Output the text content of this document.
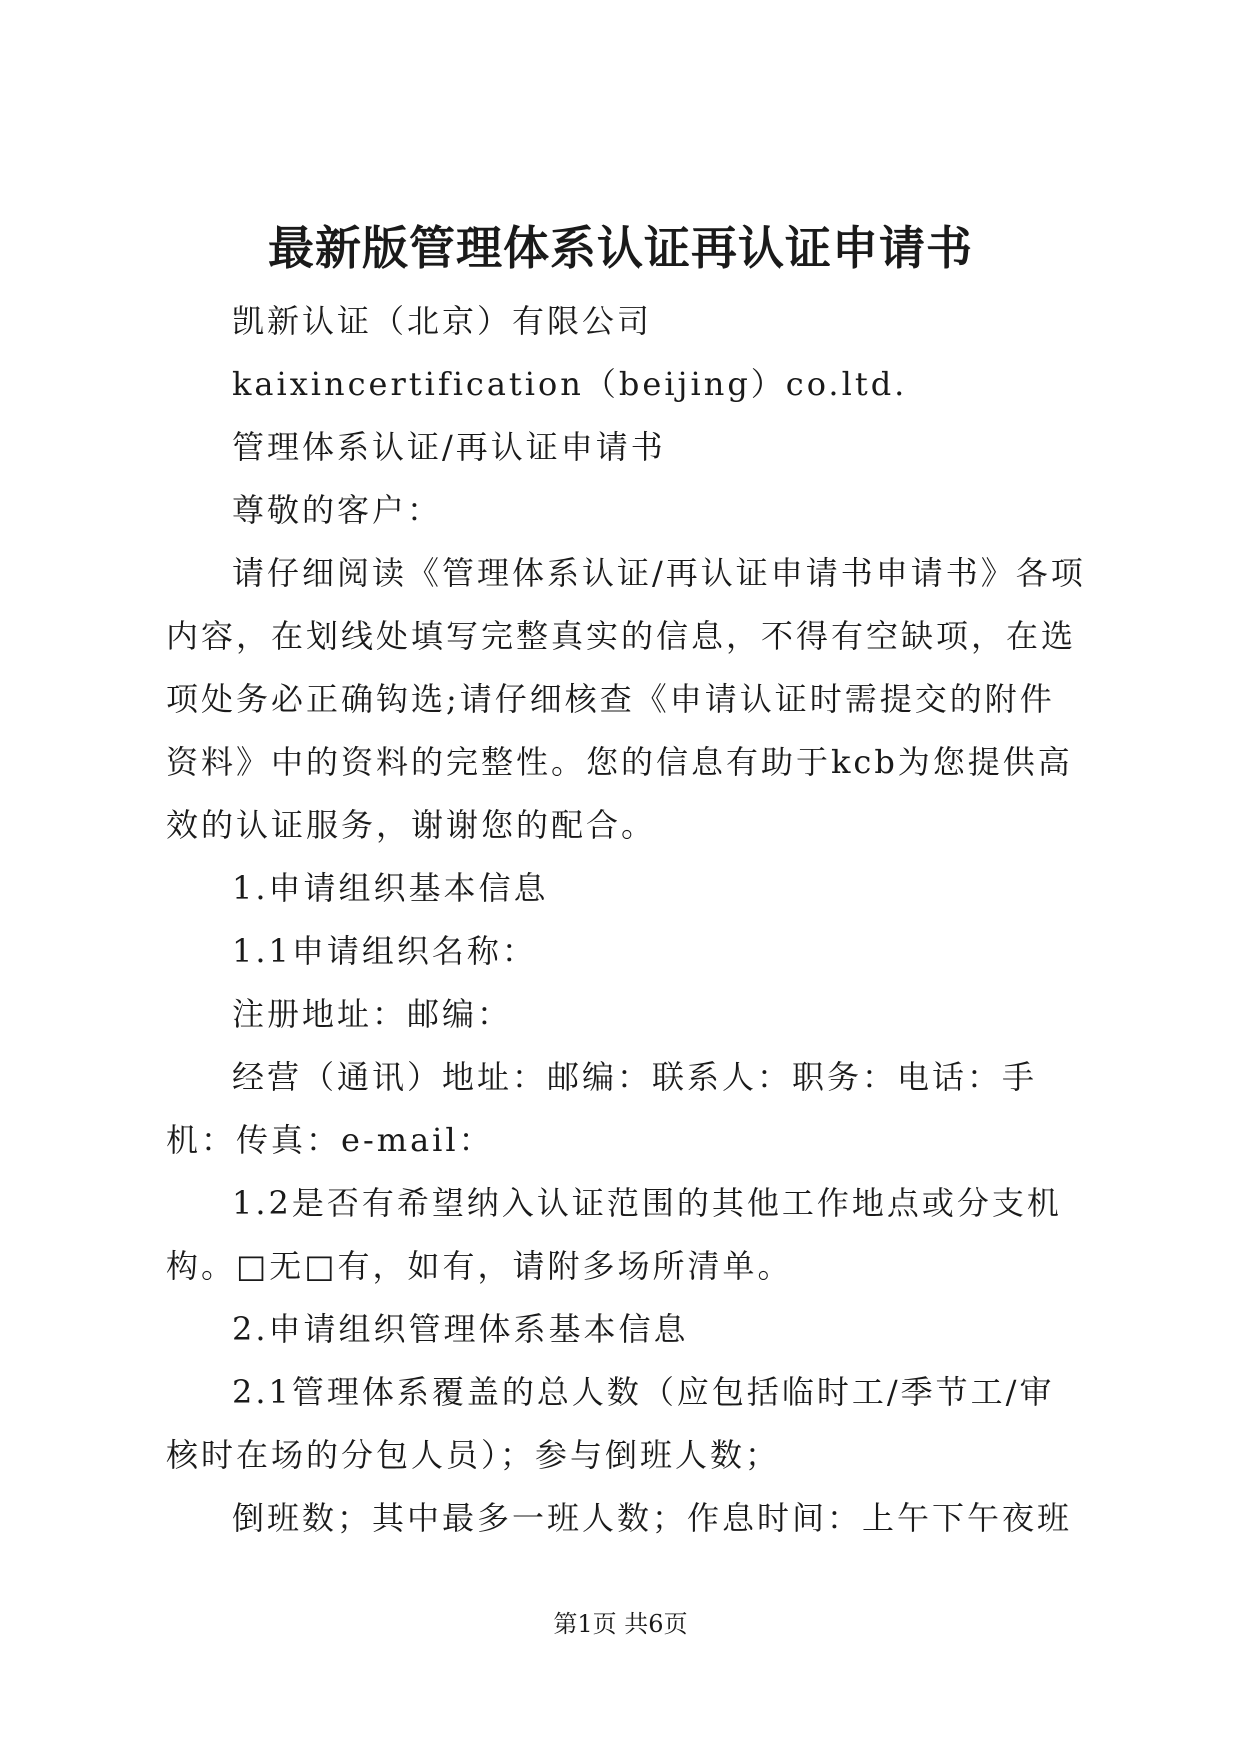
最新版管理体系认证再认证申请书

凯新认证（北京）有限公司

kaixincertification（beijing）co.ltd.

管理体系认证/再认证申请书

尊敬的客户：

请仔细阅读《管理体系认证/再认证申请书申请书》各项内容，在划线处填写完整真实的信息，不得有空缺项，在选项处务必正确钩选;请仔细核查《申请认证时需提交的附件资料》中的资料的完整性。您的信息有助于kcb为您提供高效的认证服务，谢谢您的配合。

1.申请组织基本信息

1.1申请组织名称：

注册地址：邮编：

经营（通讯）地址：邮编：联系人：职务：电话：手机：传真：e-mail：

1.2是否有希望纳入认证范围的其他工作地点或分支机构。□无□有，如有，请附多场所清单。

2.申请组织管理体系基本信息

2.1管理体系覆盖的总人数（应包括临时工/季节工/审核时在场的分包人员）；参与倒班人数；

倒班数；其中最多一班人数；作息时间：上午下午夜班

第1页 共6页
